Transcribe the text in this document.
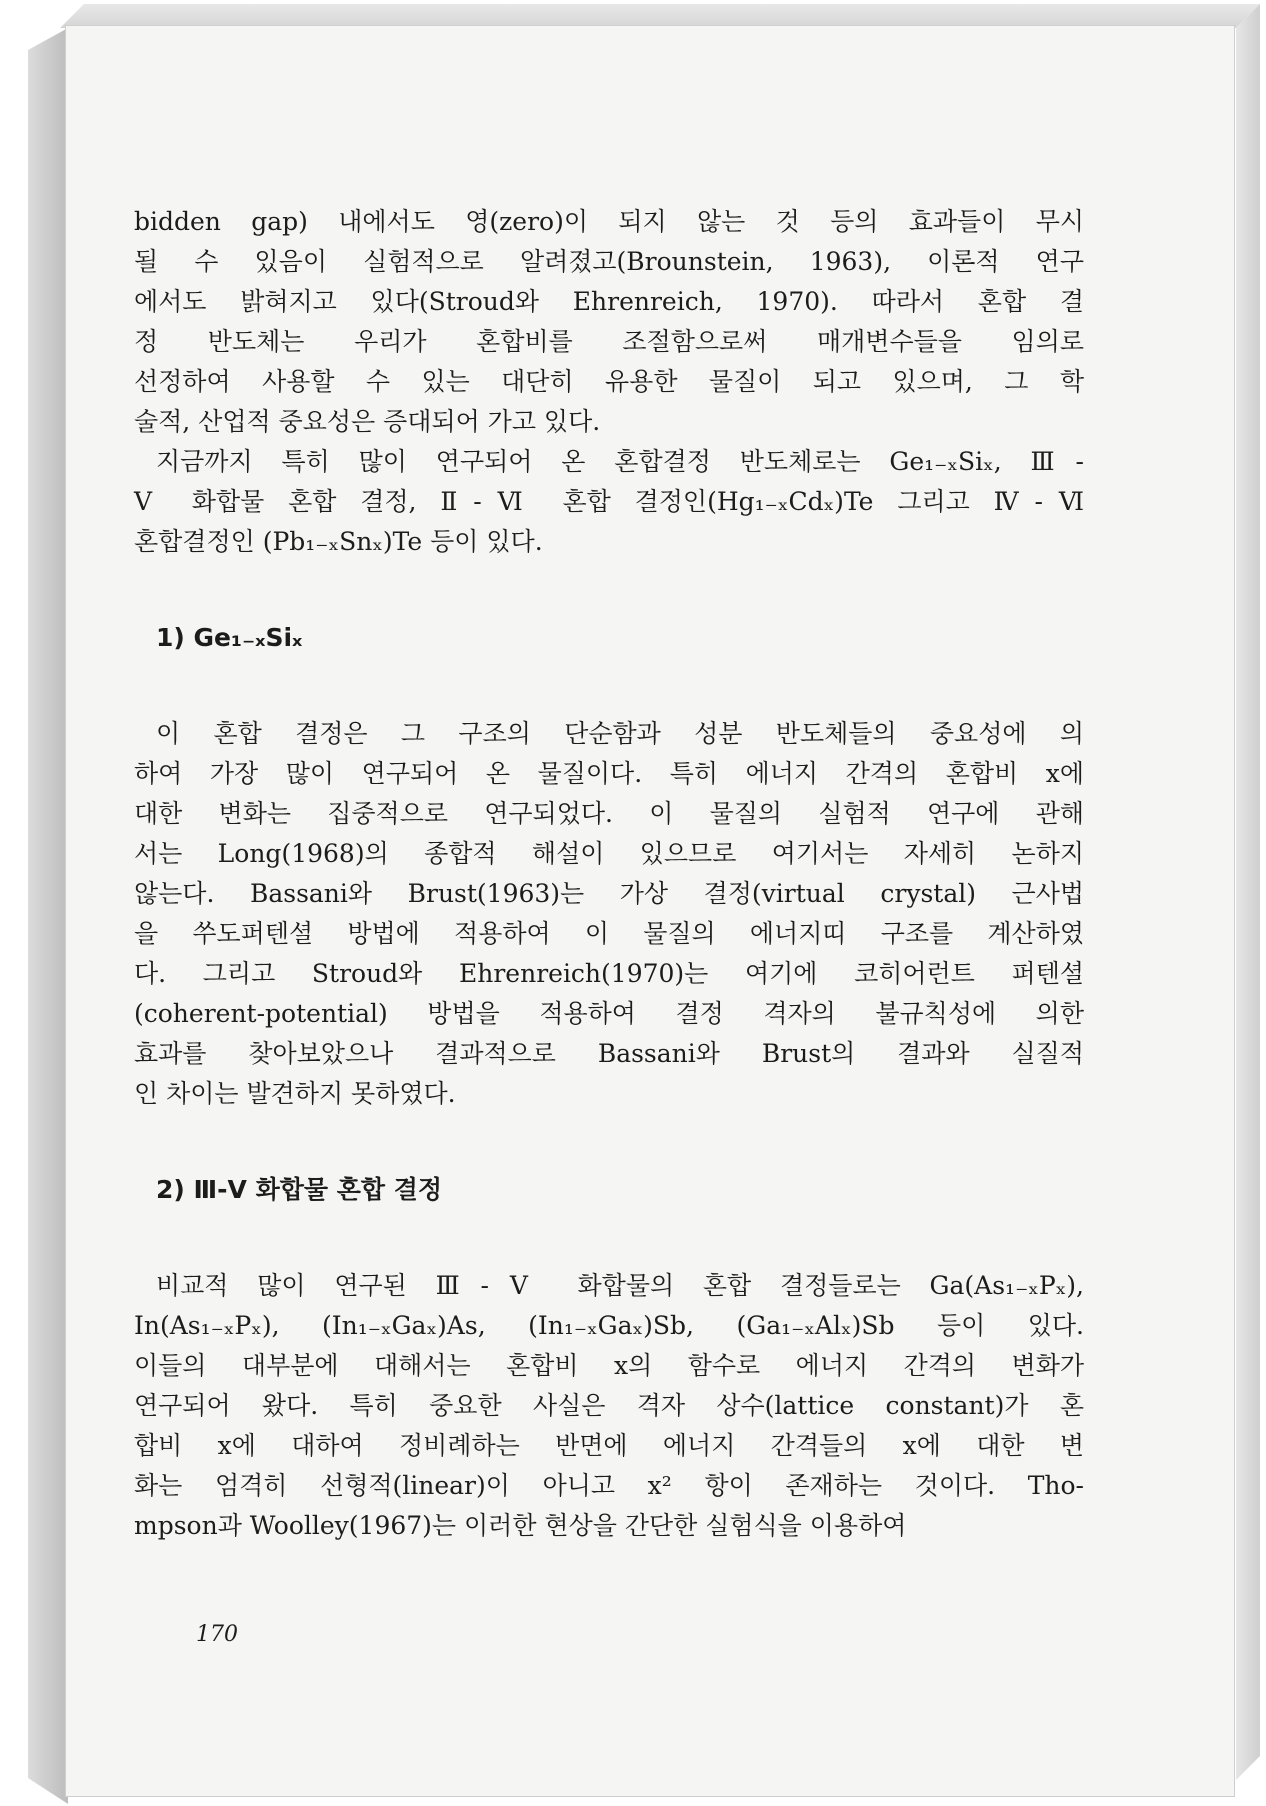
bidden gap) 내에서도 영(zero)이 되지 않는 것 등의 효과들이 무시
될 수 있음이 실험적으로 알려졌고(Brounstein, 1963), 이론적 연구
에서도 밝혀지고 있다(Stroud와 Ehrenreich, 1970). 따라서 혼합 결
정 반도체는 우리가 혼합비를 조절함으로써 매개변수들을 임의로
선정하여 사용할 수 있는 대단히 유용한 물질이 되고 있으며, 그 학
술적, 산업적 중요성은 증대되어 가고 있다.
지금까지 특히 많이 연구되어 온 혼합결정 반도체로는 Ge₁₋ₓSiₓ, Ⅲ-
Ⅴ 화합물 혼합 결정, Ⅱ-Ⅵ 혼합 결정인(Hg₁₋ₓCdₓ)Te 그리고 Ⅳ-Ⅵ
혼합결정인 (Pb₁₋ₓSnₓ)Te 등이 있다.
1) Ge₁₋ₓSiₓ
이 혼합 결정은 그 구조의 단순함과 성분 반도체들의 중요성에 의
하여 가장 많이 연구되어 온 물질이다. 특히 에너지 간격의 혼합비 x에
대한 변화는 집중적으로 연구되었다. 이 물질의 실험적 연구에 관해
서는 Long(1968)의 종합적 해설이 있으므로 여기서는 자세히 논하지
않는다. Bassani와 Brust(1963)는 가상 결정(virtual crystal) 근사법
을 쑤도퍼텐셜 방법에 적용하여 이 물질의 에너지띠 구조를 계산하였
다. 그리고 Stroud와 Ehrenreich(1970)는 여기에 코히어런트 퍼텐셜
(coherent-potential) 방법을 적용하여 결정 격자의 불규칙성에 의한
효과를 찾아보았으나 결과적으로 Bassani와 Brust의 결과와 실질적
인 차이는 발견하지 못하였다.
2) Ⅲ-Ⅴ 화합물 혼합 결정
비교적 많이 연구된 Ⅲ-Ⅴ 화합물의 혼합 결정들로는 Ga(As₁₋ₓPₓ),
In(As₁₋ₓPₓ), (In₁₋ₓGaₓ)As, (In₁₋ₓGaₓ)Sb, (Ga₁₋ₓAlₓ)Sb 등이 있다.
이들의 대부분에 대해서는 혼합비 x의 함수로 에너지 간격의 변화가
연구되어 왔다. 특히 중요한 사실은 격자 상수(lattice constant)가 혼
합비 x에 대하여 정비례하는 반면에 에너지 간격들의 x에 대한 변
화는 엄격히 선형적(linear)이 아니고 x² 항이 존재하는 것이다. Tho-
mpson과 Woolley(1967)는 이러한 현상을 간단한 실험식을 이용하여
170
